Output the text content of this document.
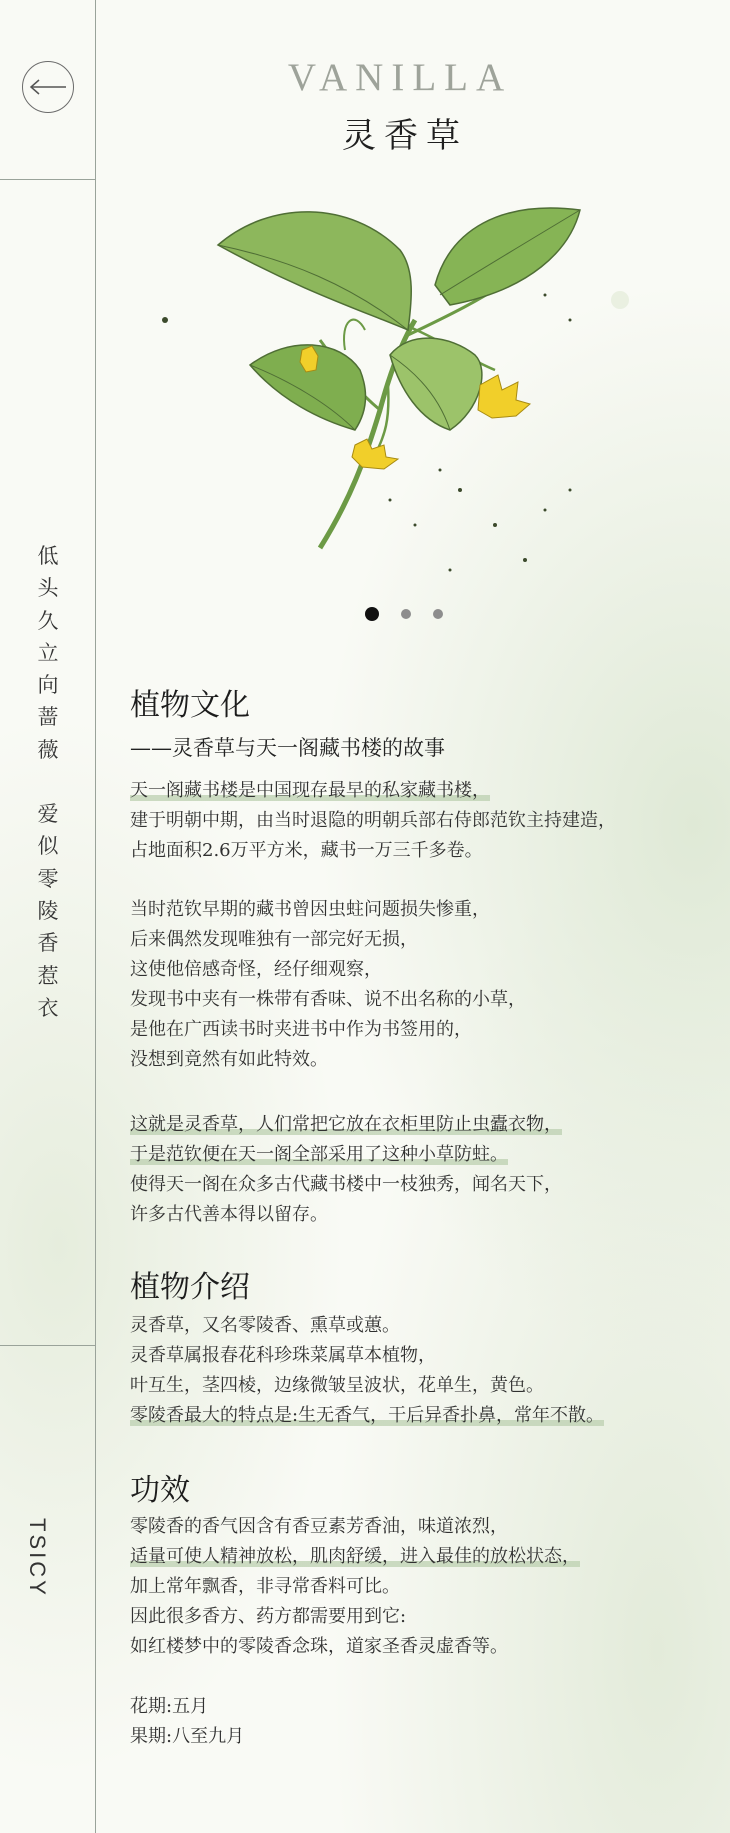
低
头
久
立
向
蔷
薇
爱
似
零
陵
香
惹
衣
TSICY
VANILLA
灵香草
植物文化
——灵香草与天一阁藏书楼的故事
天一阁藏书楼是中国现存最早的私家藏书楼，
建于明朝中期，由当时退隐的明朝兵部右侍郎范钦主持建造，
占地面积2.6万平方米，藏书一万三千多卷。
当时范钦早期的藏书曾因虫蛀问题损失惨重，
后来偶然发现唯独有一部完好无损，
这使他倍感奇怪，经仔细观察，
发现书中夹有一株带有香味、说不出名称的小草，
是他在广西读书时夹进书中作为书签用的，
没想到竟然有如此特效。
这就是灵香草，人们常把它放在衣柜里防止虫蠹衣物，
于是范钦便在天一阁全部采用了这种小草防蛀。
使得天一阁在众多古代藏书楼中一枝独秀，闻名天下，
许多古代善本得以留存。
植物介绍
灵香草，又名零陵香、熏草或蕙。
灵香草属报春花科珍珠菜属草本植物，
叶互生，茎四棱，边缘微皱呈波状，花单生，黄色。
零陵香最大的特点是:生无香气，干后异香扑鼻，常年不散。
功效
零陵香的香气因含有香豆素芳香油，味道浓烈，
适量可使人精神放松，肌肉舒缓，进入最佳的放松状态，
加上常年飘香，非寻常香料可比。
因此很多香方、药方都需要用到它:
如红楼梦中的零陵香念珠，道家圣香灵虚香等。
花期:五月
果期:八至九月
